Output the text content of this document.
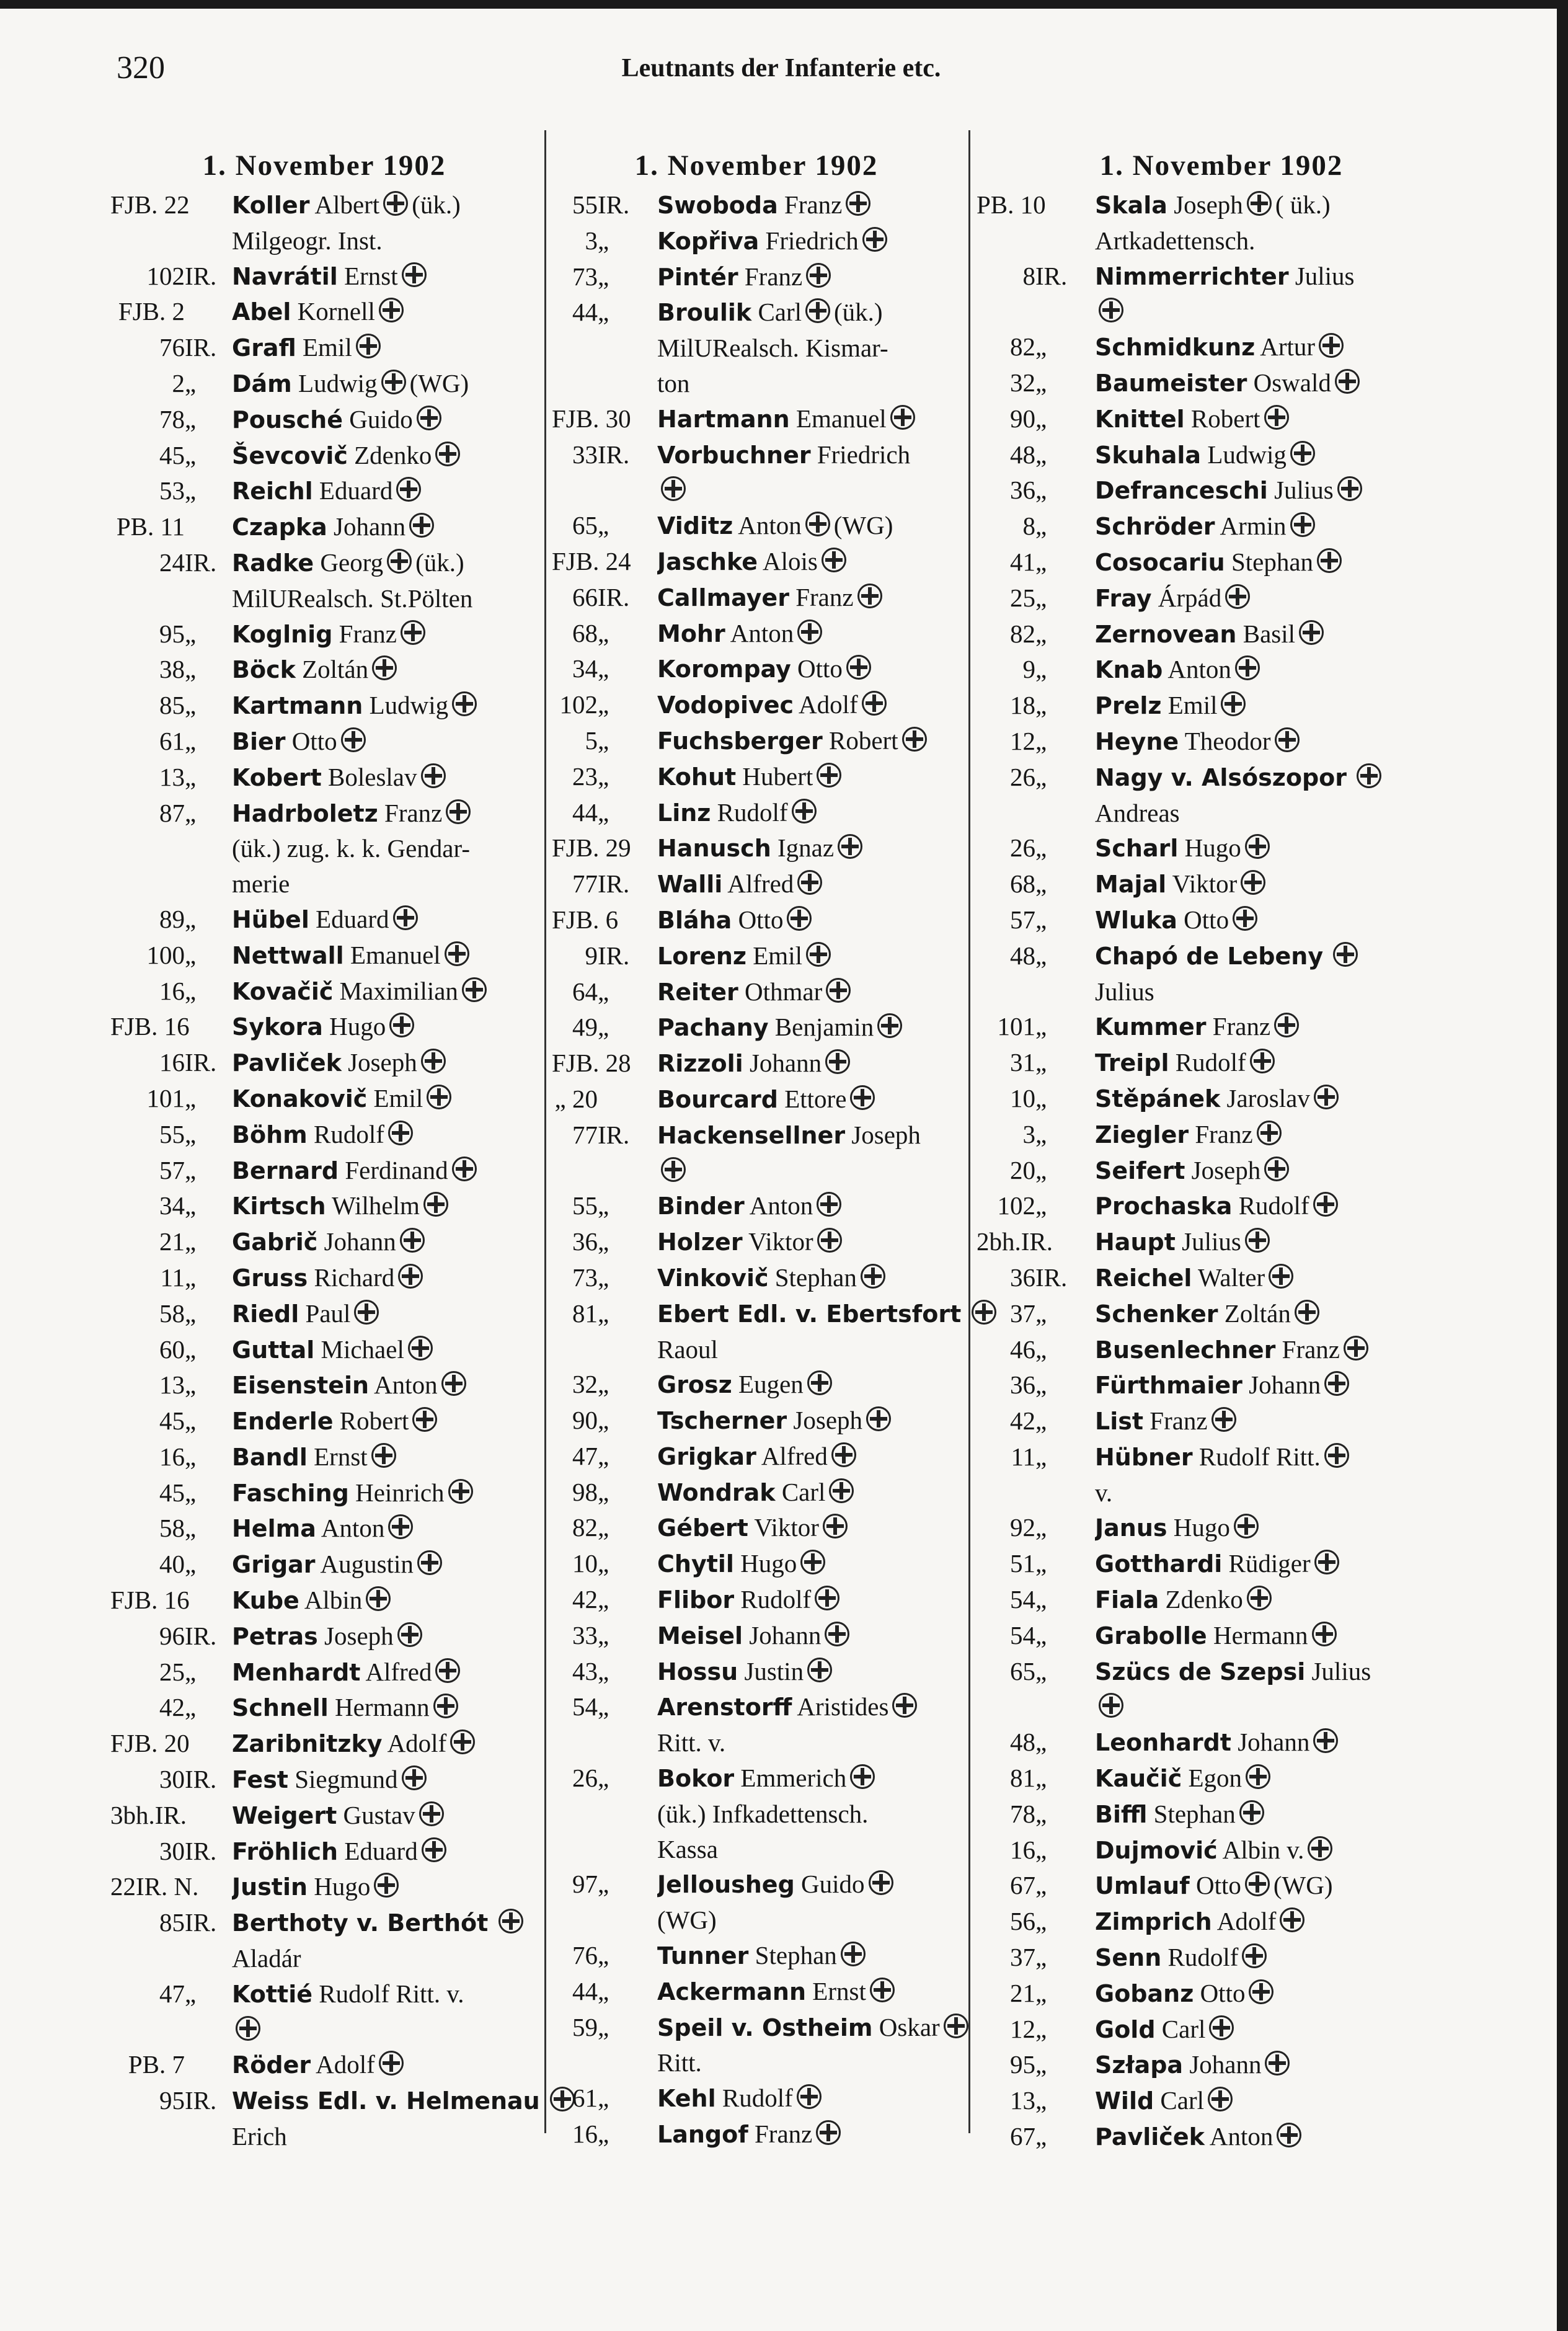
320	Leutnants der Infanterie etc.
1. November 1902
FJB. 22 Koller Albert (ük.)
Milgeogr. Inst.
102 IR. Navrátil Ernst
FJB. 2 Abel Kornell
76 IR. Grafl Emil
2 „	Dám Ludwig (WG)
78 „	Pousché Guido
45 „	Ševcovič Zdenko
53 „	Reichl Eduard
PB. 11 Czapka Johann
24 IR. Radke Georg (ük.)
MilURealsch. St.Pölten
95 „	Koglnig Franz
38 „	Böck Zoltán
85 „	Kartmann Ludwig
61 „	Bier Otto
13 „	Kobert Boleslav
87 „	Hadrboletz Franz
(ük.) zug. k. k. Gendar-
merie
89 „	Hübel Eduard
100 „	Nettwall Emanuel
16 „	Kovačič Maximilian
FJB. 16 Sykora Hugo
16 IR. Pavliček Joseph
101 „	Konakovič Emil
55 „	Böhm Rudolf
57 „	Bernard Ferdinand
34 „	Kirtsch Wilhelm
21 „	Gabrič Johann
11 „	Gruss Richard
58 „	Riedl Paul
60 „	Guttal Michael
13 „	Eisenstein Anton
45 „	Enderle Robert
16 „	Bandl Ernst
45 „	Fasching Heinrich
58 „	Helma Anton
40 „	Grigar Augustin
FJB. 16 Kube Albin
96 IR. Petras Joseph
25 „	Menhardt Alfred
42 „	Schnell Hermann
FJB. 20 Zaribnitzky Adolf
30 IR. Fest Siegmund
3bh.IR. Weigert Gustav
30 IR. Fröhlich Eduard
22IR. N. Justin Hugo
85 IR. Berthoty v. Berthót
Aladár
47 „	Kottié Rudolf Ritt. v.
PB. 7 Röder Adolf
95 IR. Weiss Edl. v. Helmenau
Erich
1. November 1902
55 IR.	Swoboda Franz
3 „	Kopřiva Friedrich
73 „	Pintér Franz
44 „	Broulik Carl (ük.)
MilURealsch. Kismar-
ton
FJB. 30 Hartmann Emanuel
33 IR.	Vorbuchner Friedrich
65 „	Viditz Anton (WG)
FJB. 24 Jaschke Alois
66 IR.	Callmayer Franz
68 „	Mohr Anton
34 „	Korompay Otto
102 „	Vodopivec Adolf
5 „	Fuchsberger Robert
23 „	Kohut Hubert
44 „	Linz Rudolf
FJB. 29 Hanusch Ignaz
77 IR.	Walli Alfred
FJB. 6 Bláha Otto
9 IR.	Lorenz Emil
64 „	Reiter Othmar
49 „	Pachany Benjamin
FJB. 28 Rizzoli Johann
„ 20	Bourcard Ettore
77 IR.	Hackensellner Joseph
55 „	Binder Anton
36 „	Holzer Viktor
73 „	Vinkovič Stephan
81 „	Ebert Edl. v. Ebertsfort
Raoul
32 „	Grosz Eugen
90 „	Tscherner Joseph
47 „	Grigkar Alfred
98 „	Wondrak Carl
82 „	Gébert Viktor
10 „	Chytil Hugo
42 „	Flibor Rudolf
33 „	Meisel Johann
43 „	Hossu Justin
54 „	Arenstorff Aristides
Ritt. v.
26 „	Bokor Emmerich
(ük.) Infkadettensch.
Kassa
97 „	Jellousheg Guido
(WG)
76 „	Tunner Stephan
44 „	Ackermann Ernst
59 „	Speil v. Ostheim Oskar
Ritt.
61 „	Kehl Rudolf
16 „	Langof Franz
1. November 1902
PB. 10 Skala Joseph ( ük.)
Artkadettensch.
8 IR.	Nimmerrichter Julius
82 „	Schmidkunz Artur
32 „	Baumeister Oswald
90 „	Knittel Robert
48 „	Skuhala Ludwig
36 „	Defranceschi Julius
8 „	Schröder Armin
41 „	Cosocariu Stephan
25 „	Fray Árpád
82 „	Zernovean Basil
9 „	Knab Anton
18 „	Prelz Emil
12 „	Heyne Theodor
26 „	Nagy v. Alsószopor
Andreas
26 „	Scharl Hugo
68 „	Majal Viktor
57 „	Wluka Otto
48 „	Chapó de Lebeny
Julius
101 „	Kummer Franz
31 „	Treipl Rudolf
10 „	Stěpánek Jaroslav
3 „	Ziegler Franz
20 „	Seifert Joseph
102 „	Prochaska Rudolf
2bh.IR. Haupt Julius
36 IR.	Reichel Walter
37 „	Schenker Zoltán
46 „	Busenlechner Franz
36 „	Fürthmaier Johann
42 „	List Franz
11 „	Hübner Rudolf Ritt.
v.
92 „	Janus Hugo
51 „	Gotthardi Rüdiger
54 „	Fiala Zdenko
54 „	Grabolle Hermann
65 „	Szücs de Szepsi Julius
48 „	Leonhardt Johann
81 „	Kaučič Egon
78 „	Biffl Stephan
16 „	Dujmović Albin v.
67 „	Umlauf Otto (WG)
56 „	Zimprich Adolf
37 „	Senn Rudolf
21 „	Gobanz Otto
12 „	Gold Carl
95 „	Szłapa Johann
13 „	Wild Carl
67 „	Pavliček Anton
